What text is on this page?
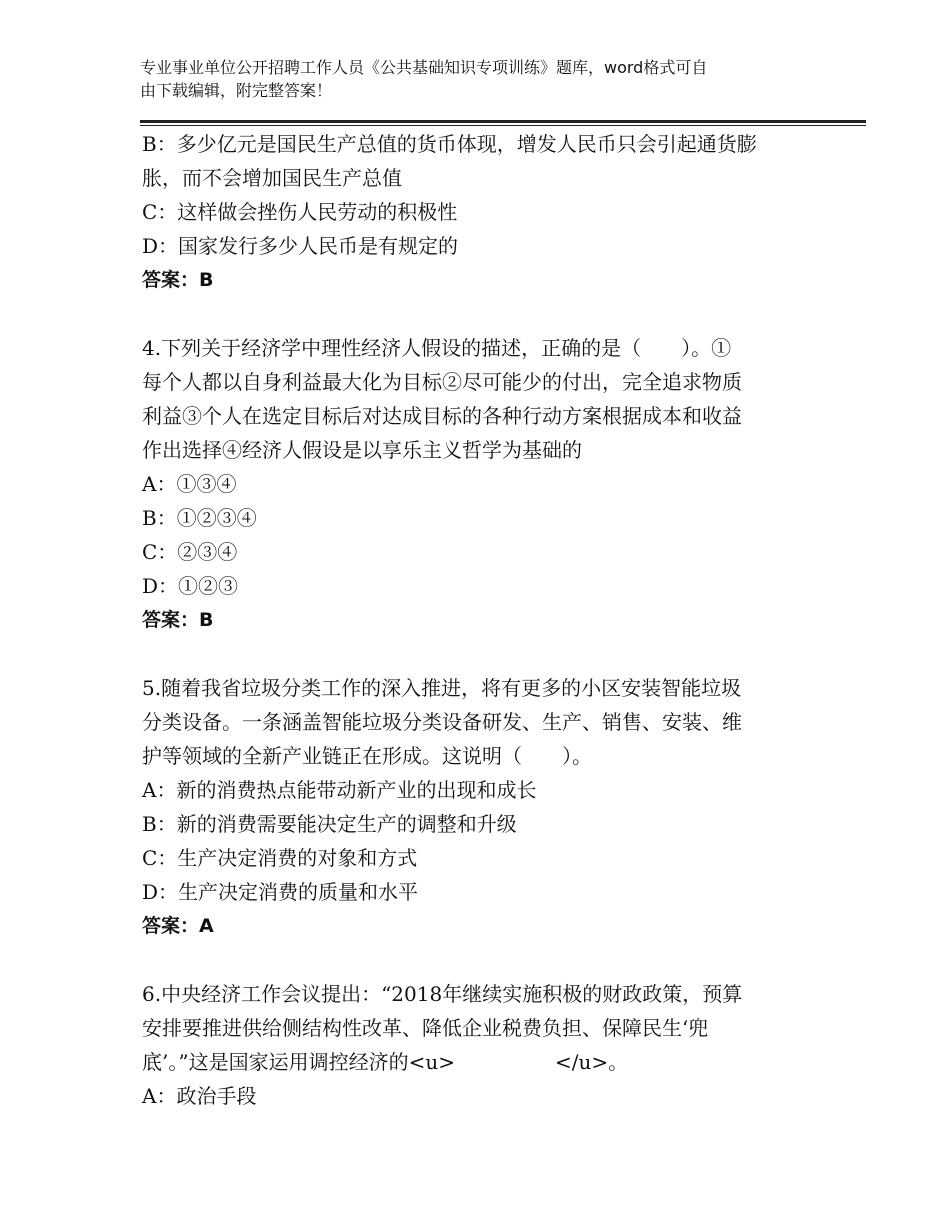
专业事业单位公开招聘工作人员《公共基础知识专项训练》题库，word格式可自
由下载编辑，附完整答案！
B：多少亿元是国民生产总值的货币体现，增发人民币只会引起通货膨
胀，而不会增加国民生产总值
C：这样做会挫伤人民劳动的积极性
D：国家发行多少人民币是有规定的
答案：B
4.下列关于经济学中理性经济人假设的描述，正确的是（　　）。①
每个人都以自身利益最大化为目标②尽可能少的付出，完全追求物质
利益③个人在选定目标后对达成目标的各种行动方案根据成本和收益
作出选择④经济人假设是以享乐主义哲学为基础的
A：①③④
B：①②③④
C：②③④
D：①②③
答案：B
5.随着我省垃圾分类工作的深入推进，将有更多的小区安装智能垃圾
分类设备。一条涵盖智能垃圾分类设备研发、生产、销售、安装、维
护等领域的全新产业链正在形成。这说明（　　）。
A：新的消费热点能带动新产业的出现和成长
B：新的消费需要能决定生产的调整和升级
C：生产决定消费的对象和方式
D：生产决定消费的质量和水平
答案：A
6.中央经济工作会议提出：“2018年继续实施积极的财政政策，预算
安排要推进供给侧结构性改革、降低企业税费负担、保障民生‘兜
底’。”这是国家运用调控经济的<u>　　　　　</u>。
A：政治手段
